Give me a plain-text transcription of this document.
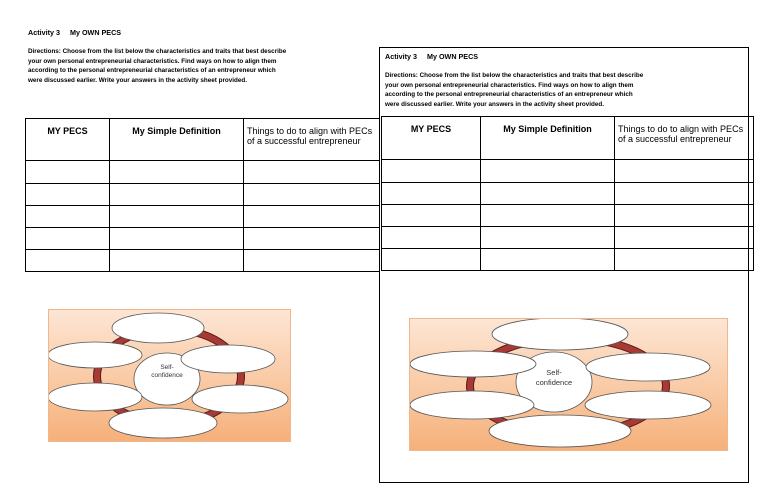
Activity 3 My OWN PECS

Directions: Choose from the list below the characteristics and traits that best describe
your own personal entrepreneurial characteristics. Find ways on how to align them
according to the personal entrepreneurial characteristics of an entrepreneur which
were discussed earlier. Write your answers in the activity sheet provided.
MY PECS	My Simple Definition	Things to do to align with PECs of a successful entrepreneur

Self-
confidence

Activity 3 My OWN PECS

Directions: Choose from the list below the characteristics and traits that best describe
your own personal entrepreneurial characteristics. Find ways on how to align them
according to the personal entrepreneurial characteristics of an entrepreneur which
were discussed earlier. Write your answers in the activity sheet provided.
MY PECS	My Simple Definition	Things to do to align with PECs of a successful entrepreneur

Self-
confidence
